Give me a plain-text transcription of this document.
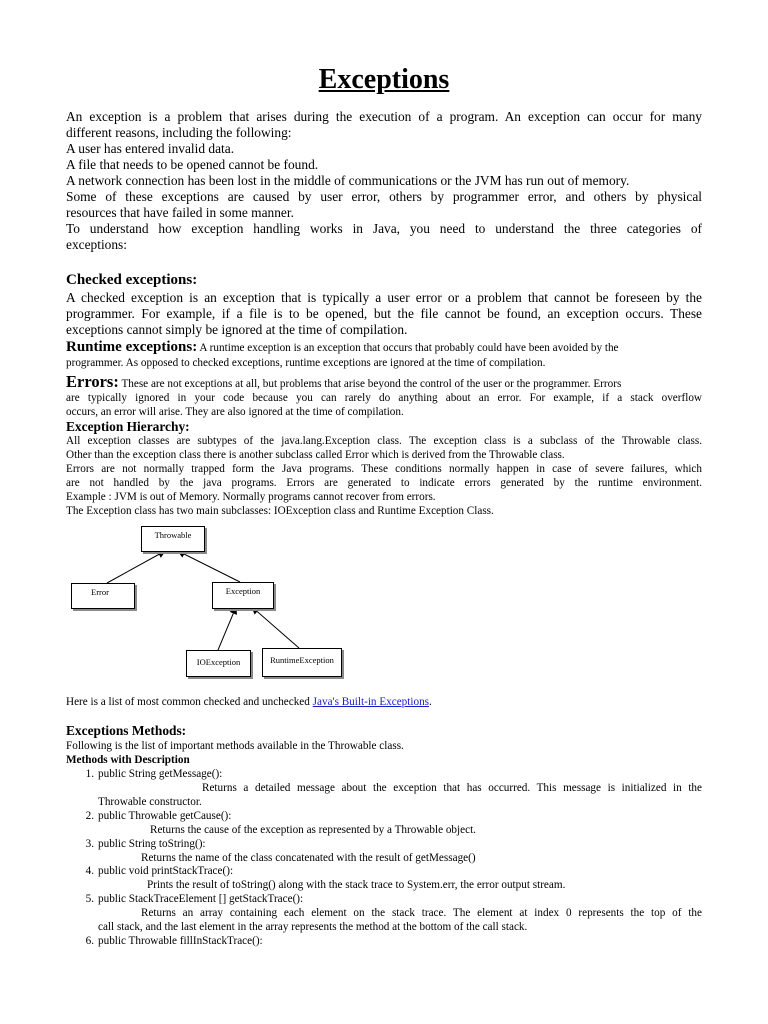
Exceptions
An exception is a problem that arises during the execution of a program. An exception can occur for many
different reasons, including the following:
A user has entered invalid data.
A file that needs to be opened cannot be found.
A network connection has been lost in the middle of communications or the JVM has run out of memory.
Some of these exceptions are caused by user error, others by programmer error, and others by physical
resources that have failed in some manner.
To understand how exception handling works in Java, you need to understand the three categories of
exceptions:
Checked exceptions:
A checked exception is an exception that is typically a user error or a problem that cannot be foreseen by the
programmer. For example, if a file is to be opened, but the file cannot be found, an exception occurs. These
exceptions cannot simply be ignored at the time of compilation.
Runtime exceptions: A runtime exception is an exception that occurs that probably could have been avoided by the
programmer. As opposed to checked exceptions, runtime exceptions are ignored at the time of compilation.
Errors: These are not exceptions at all, but problems that arise beyond the control of the user or the programmer. Errors
are typically ignored in your code because you can rarely do anything about an error. For example, if a stack overflow
occurs, an error will arise. They are also ignored at the time of compilation.
Exception Hierarchy:
All exception classes are subtypes of the java.lang.Exception class. The exception class is a subclass of the Throwable class.
Other than the exception class there is another subclass called Error which is derived from the Throwable class.
Errors are not normally trapped form the Java programs. These conditions normally happen in case of severe failures, which
are not handled by the java programs. Errors are generated to indicate errors generated by the runtime environment.
Example : JVM is out of Memory. Normally programs cannot recover from errors.
The Exception class has two main subclasses: IOException class and Runtime Exception Class.
Throwable
Error	Exception
IOException	RuntimeException
Here is a list of most common checked and unchecked Java's Built-in Exceptions.
Exceptions Methods:
Following is the list of important methods available in the Throwable class.
Methods with Description
1. public String getMessage():
Returns a detailed message about the exception that has occurred. This message is initialized in the
Throwable constructor.
2. public Throwable getCause():
Returns the cause of the exception as represented by a Throwable object.
3. public String toString():
Returns the name of the class concatenated with the result of getMessage()
4. public void printStackTrace():
Prints the result of toString() along with the stack trace to System.err, the error output stream.
5. public StackTraceElement [] getStackTrace():
Returns an array containing each element on the stack trace. The element at index 0 represents the top of the
call stack, and the last element in the array represents the method at the bottom of the call stack.
6. public Throwable fillInStackTrace():
